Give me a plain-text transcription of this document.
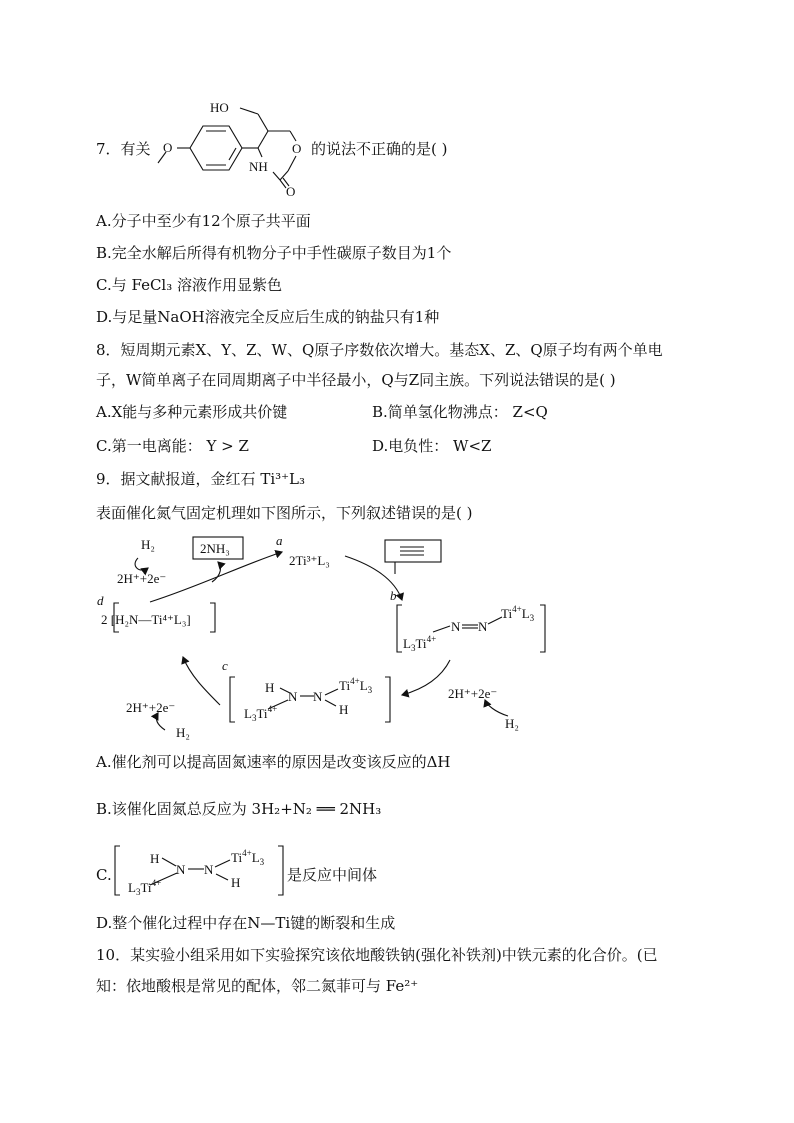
7．有关
HO
O	O
NH
O
的说法不正确的是( )
A.分子中至少有12个原子共平面
B.完全水解后所得有机物分子中手性碳原子数目为1个
C.与 FeCl₃ 溶液作用显紫色
D.与足量NaOH溶液完全反应后生成的钠盐只有1种
8．短周期元素X、Y、Z、W、Q原子序数依次增大。基态X、Z、Q原子均有两个单电
子，W简单离子在同周期离子中半径最小，Q与Z同主族。下列说法错误的是( )
A.X能与多种元素形成共价键	B.简单氢化物沸点： Z<Q
C.第一电离能： Y > Z	D.电负性： W<Z
9．据文献报道，金红石 Ti³⁺L₃
表面催化氮气固定机理如下图所示，下列叙述错误的是( )
H₂
2H⁺+2e⁻
2NH₃
a
2Ti³⁺L₃
b
d
2 [H₂N—Ti⁴⁺L₃]
c
$L_3Ti^{4+}$
N N
$Ti^{4+}L_3$
H
N N
$Ti^{4+}L_3$
H
$L_3Ti^{4+}$
2H⁺+2e⁻
H₂
2H⁺+2e⁻
H₂
A.催化剂可以提高固氮速率的原因是改变该反应的ΔH
B.该催化固氮总反应为 3H₂+N₂ ══ 2NH₃
C.
H
N N
$Ti^{4+}L_3$
H
$L_3Ti^{4+}$	是反应中间体
D.整个催化过程中存在N—Ti键的断裂和生成
10．某实验小组采用如下实验探究该依地酸铁钠(强化补铁剂)中铁元素的化合价。(已
知：依地酸根是常见的配体，邻二氮菲可与 Fe²⁺
